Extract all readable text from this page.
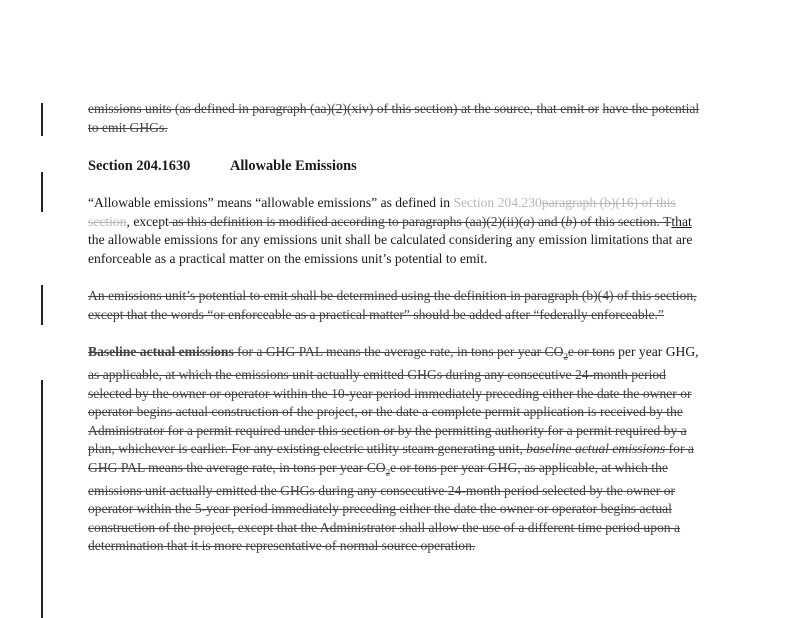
emissions units (as defined in paragraph (aa)(2)(xiv) of this section) at the source, that emit or have the potential to emit GHGs.

Section 204.1630	Allowable Emissions

“Allowable emissions” means “allowable emissions” as defined in Section 204.230paragraph (b)(16) of this section, except as this definition is modified according to paragraphs (aa)(2)(ii)(a) and (b) of this section. Tthat the allowable emissions for any emissions unit shall be calculated considering any emission limitations that are enforceable as a practical matter on the emissions unit’s potential to emit.

An emissions unit’s potential to emit shall be determined using the definition in paragraph (b)(4) of this section, except that the words “or enforceable as a practical matter” should be added after “federally enforceable.”

Baseline actual emissions for a GHG PAL means the average rate, in tons per year $CO_2e$ or tons per year GHG, as applicable, at which the emissions unit actually emitted GHGs during any consecutive 24-month period selected by the owner or operator within the 10-year period immediately preceding either the date the owner or operator begins actual construction of the project, or the date a complete permit application is received by the Administrator for a permit required under this section or by the permitting authority for a permit required by a plan, whichever is earlier. For any existing electric utility steam generating unit, baseline actual emissions for a GHG PAL means the average rate, in tons per year $CO_2e$ or tons per year GHG, as applicable, at which the emissions unit actually emitted the GHGs during any consecutive 24-month period selected by the owner or operator within the 5-year period immediately preceding either the date the owner or operator begins actual construction of the project, except that the Administrator shall allow the use of a different time period upon a determination that it is more representative of normal source operation.
